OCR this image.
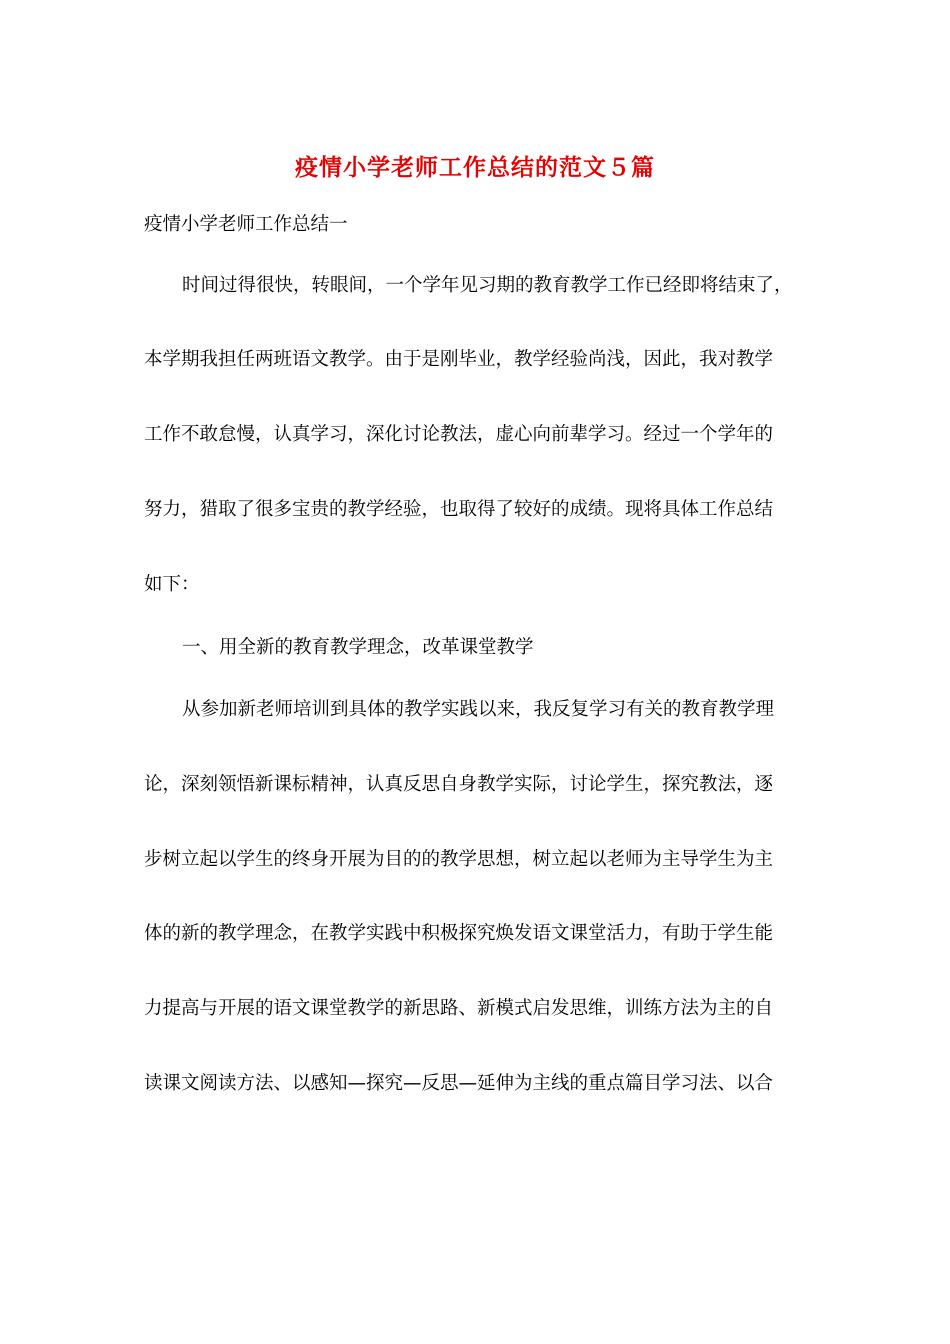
疫情小学老师工作总结的范文５篇
疫情小学老师工作总结一
时间过得很快，转眼间，一个学年见习期的教育教学工作已经即将结束了，
本学期我担任两班语文教学。由于是刚毕业，教学经验尚浅，因此，我对教学
工作不敢怠慢，认真学习，深化讨论教法，虚心向前辈学习。经过一个学年的
努力，猎取了很多宝贵的教学经验，也取得了较好的成绩。现将具体工作总结
如下：
一、用全新的教育教学理念，改革课堂教学
从参加新老师培训到具体的教学实践以来，我反复学习有关的教育教学理
论，深刻领悟新课标精神，认真反思自身教学实际，讨论学生，探究教法，逐
步树立起以学生的终身开展为目的的教学思想，树立起以老师为主导学生为主
体的新的教学理念，在教学实践中积极探究焕发语文课堂活力，有助于学生能
力提高与开展的语文课堂教学的新思路、新模式启发思维，训练方法为主的自
读课文阅读方法、以感知—探究—反思—延伸为主线的重点篇目学习法、以合
